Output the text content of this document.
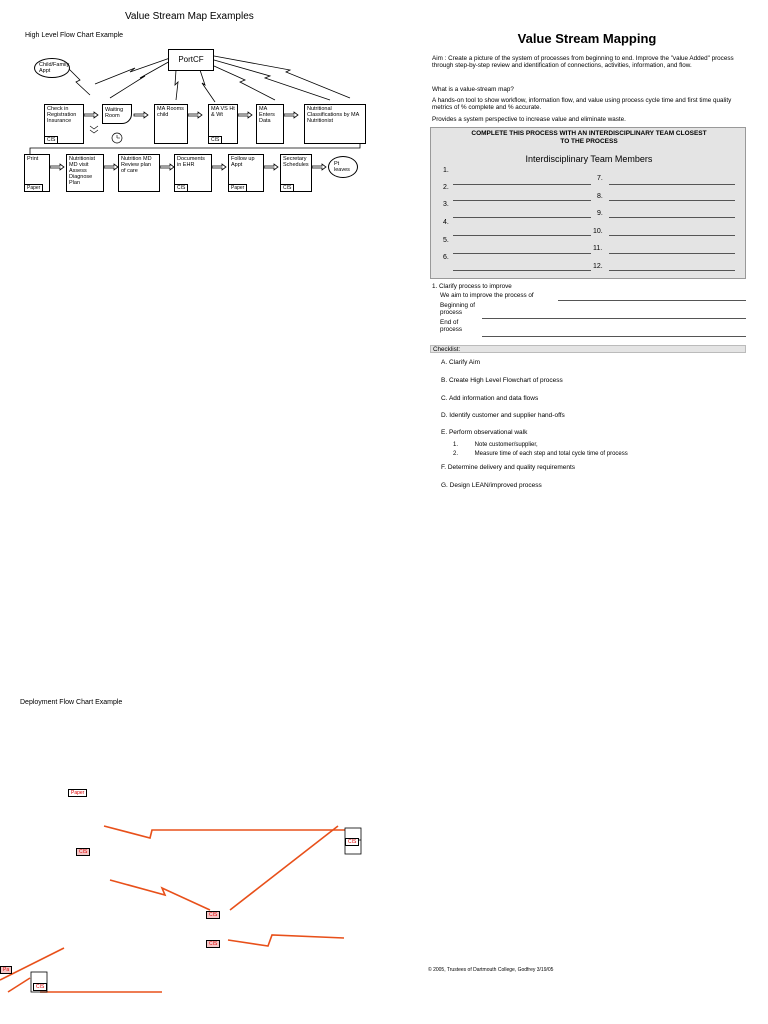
Value Stream Map Examples
High Level Flow Chart Example
PortCF
Child/Family Appt
Check in Registration Insurance
CIS
Waiting Room
MA Rooms child
MA VS Ht & Wt
CIS
MA Enters Data
Nutritional Classifications by MA Nutritionist
Print
Paper
Nutritionist MD visit Assess Diagnose Plan
Nutrition MD Review plan of care
Documents in EHR
CIS
Follow up Appt
Paper
Secretary Schedules
CIS
Pt leaves
Deployment Flow Chart Example
Paper
CIS
CIS
CIS
CIS
CIS
Pa
Value Stream Mapping
Aim : Create a picture of the system of processes from beginning to end. Improve the "value Added" process through step-by-step review and identification of connections, activities, information, and flow.
What is a value-stream map?
A hands-on tool to show workflow, information flow, and value using process cycle time and first time quality metrics of % complete and % accurate.
Provides a system perspective to increase value and eliminate waste.
COMPLETE THIS PROCESS WITH AN INTERDISCIPLINARY TEAM CLOSEST TO THE PROCESS
Interdisciplinary Team Members
1.
2.
3.
4.
5.
6.
7.
8.
9.
10.
11.
12.
1. Clarify process to improve
We aim to improve the process of
Beginning of process
End of process
Checklist:
A. Clarify Aim
B. Create High Level Flowchart of process
C. Add information and data flows
D. Identify customer and supplier hand-offs
E. Perform observational walk
1.          Note customer/supplier,
2.          Measure time of each step and total cycle time of process
F. Determine delivery and quality requirements
G. Design LEAN/improved process
© 2005, Trustees of Dartmouth College, Godfrey 3/19/05
